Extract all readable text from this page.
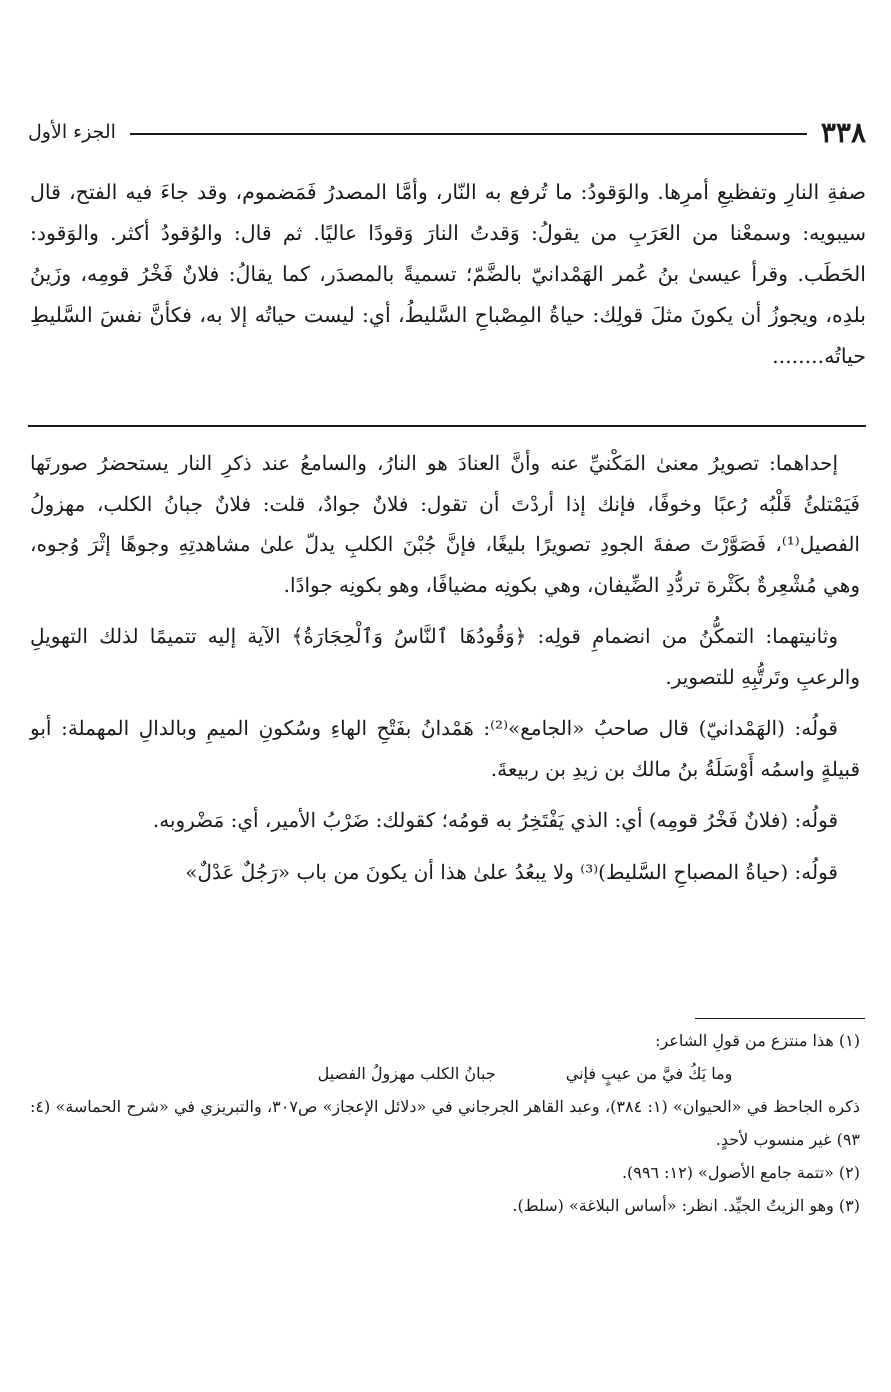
٣٣٨
الجزء الأول

صفةِ النارِ وتفظيعِ أمرِها. والوَقودُ: ما تُرفع به النّار، وأمَّا المصدرُ فَمَضموم، وقد جاءَ فيه الفتح، قال سيبويه: وسمعْنا من العَرَبِ من يقولُ: وَقدتُ النارَ وَقودًا عاليًا. ثم قال: والوُقودُ أكثر. والوَقود: الحَطَب. وقرأ عيسىٰ بنُ عُمر الهَمْدانيّ بالضَّمّ؛ تسميةً بالمصدَر، كما يقالُ: فلانٌ فَخْرُ قومِه، وزَينُ بلدِه، ويجوزُ أن يكونَ مثلَ قولِك: حياةُ المِصْباحِ السَّليطُ، أي: ليست حياتُه إلا به، فكأنَّ نفسَ السَّليطِ حياتُه........

إحداهما: تصويرُ معنىٰ المَكْنيِّ عنه وأنَّ العنادَ هو النارُ، والسامعُ عند ذكرِ النار يستحضرُ صورتَها فَيَمْتلئُ قَلْبُه رُعبًا وخوفًا، فإنك إذا أردْتَ أن تقول: فلانٌ جوادٌ، قلت: فلانٌ جبانُ الكلب، مهزولُ الفصيل⁽¹⁾، فَصَوَّرْتَ صفةَ الجودِ تصويرًا بليغًا، فإنَّ جُبْنَ الكلبِ يدلّ علىٰ مشاهدتِهِ وجوهًا إثْرَ وُجوه، وهي مُشْعِرةٌ بكَثْرة تردُّدِ الضِّيفان، وهي بكونِه مضيافًا، وهو بكونِه جوادًا.

وثانيتهما: التمكُّنُ من انضمامِ قولِه: ﴿وَقُودُهَا ٱلنَّاسُ وَٱلْحِجَارَةُ﴾ الآية إليه تتميمًا لذلك التهويلِ والرعبِ وتَرتُّبِهِ للتصوير.

قولُه: (الهَمْدانيّ) قال صاحبُ «الجامع»⁽²⁾: هَمْدانُ بفَتْحِ الهاءِ وسُكونِ الميمِ وبالدالِ المهملة: أبو قبيلةٍ واسمُه أَوْسَلَةُ بنُ مالك بن زيدِ بن ربيعةَ.

قولُه: (فلانٌ فَخْرُ قومِه) أي: الذي يَفْتَخِرُ به قومُه؛ كقولك: ضَرْبُ الأمير، أي: مَضْروبه.

قولُه: (حياةُ المصباحِ السَّليط)⁽³⁾ ولا يبعُدُ علىٰ هذا أن يكونَ من باب «رَجُلٌ عَدْلٌ»

(١) هذا منتزع من قولِ الشاعر:

وما يَكُ فيَّ من عيبٍ فإني
جبانُ الكلب مهزولُ الفصيل

ذكره الجاحظ في «الحيوان» (١: ٣٨٤)، وعبد القاهر الجرجاني في «دلائل الإعجاز» ص٣٠٧، والتبريزي في «شرح الحماسة» (٤: ٩٣) غير منسوب لأحدٍ.

(٢) «تتمة جامع الأصول» (١٢: ٩٩٦).

(٣) وهو الزيتُ الجيِّد. انظر: «أساس البلاغة» (سلط).
